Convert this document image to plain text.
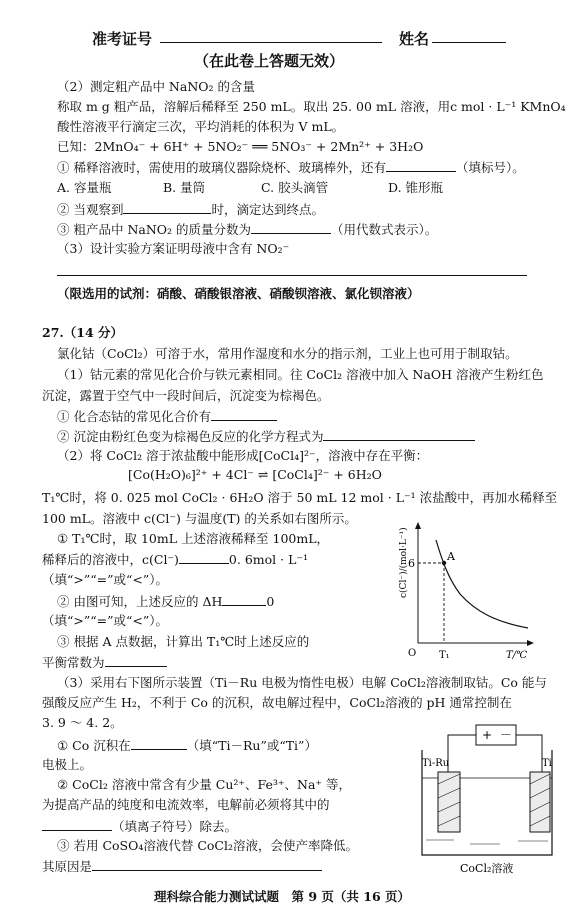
准考证号	姓名
（在此卷上答题无效）
（2）测定粗产品中 NaNO₂ 的含量
称取 m g 粗产品，溶解后稀释至 250 mL。取出 25. 00 mL 溶液，用c mol · L⁻¹ KMnO₄
酸性溶液平行滴定三次，平均消耗的体积为 V mL。
已知：2MnO₄⁻ + 6H⁺ + 5NO₂⁻ ══ 5NO₃⁻ + 2Mn²⁺ + 3H₂O
① 稀释溶液时，需使用的玻璃仪器除烧杯、玻璃棒外，还有	（填标号）。
A. 容量瓶	B. 量筒	C. 胶头滴管	D. 锥形瓶
② 当观察到	时，滴定达到终点。
③ 粗产品中 NaNO₂ 的质量分数为	（用代数式表示）。
（3）设计实验方案证明母液中含有 NO₂⁻
（限选用的试剂：硝酸、硝酸银溶液、硝酸钡溶液、氯化钡溶液）
27.（14 分）
氯化钴（CoCl₂）可溶于水，常用作湿度和水分的指示剂，工业上也可用于制取钴。
（1）钴元素的常见化合价与铁元素相同。往 CoCl₂ 溶液中加入 NaOH 溶液产生粉红色
沉淀，露置于空气中一段时间后，沉淀变为棕褐色。
① 化合态钴的常见化合价有
② 沉淀由粉红色变为棕褐色反应的化学方程式为
（2）将 CoCl₂ 溶于浓盐酸中能形成[CoCl₄]²⁻，溶液中存在平衡：
[Co(H₂O)₆]²⁺ + 4Cl⁻ ⇌ [CoCl₄]²⁻ + 6H₂O
T₁℃时，将 0. 025 mol CoCl₂ · 6H₂O 溶于 50 mL 12 mol · L⁻¹ 浓盐酸中，再加水稀释至
100 mL。溶液中 c(Cl⁻) 与温度(T) 的关系如右图所示。
① T₁℃时，取 10mL 上述溶液稀释至 100mL，
稀释后的溶液中，c(Cl⁻)	0. 6mol · L⁻¹
（填“>”“=”或“<”）。
② 由图可知，上述反应的 ΔH	0
（填“>”“=”或“<”）。
③ 根据 A 点数据，计算出 T₁℃时上述反应的
平衡常数为
（3）采用右下图所示装置（Ti－Ru 电极为惰性电极）电解 CoCl₂溶液制取钴。Co 能与
强酸反应产生 H₂，不利于 Co 的沉积，故电解过程中，CoCl₂溶液的 pH 通常控制在
3. 9 ～ 4. 2。
① Co 沉积在	（填“Ti－Ru”或“Ti”）
电极上。
② CoCl₂ 溶液中常含有少量 Cu²⁺、Fe³⁺、Na⁺ 等，
为提高产品的纯度和电流效率，电解前必须将其中的
（填离子符号）除去。
③ 若用 CoSO₄溶液代替 CoCl₂溶液，会使产率降低。
其原因是
A
6
T₁
O	T/℃
c(Cl⁻)/(mol·L⁻¹)
+ －
Ti-Ru	Ti
CoCl₂溶液
理科综合能力测试试题　第 9 页（共 16 页）
